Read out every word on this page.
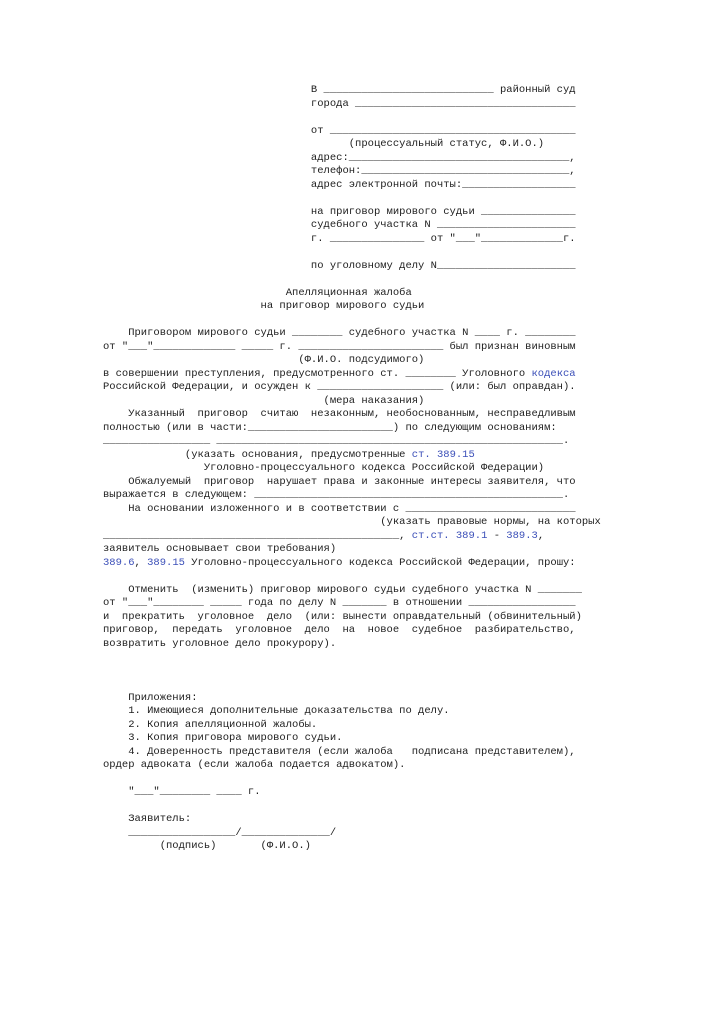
В ___________________________ районный суд
города ___________________________________
от _______________________________________
(процессуальный статус, Ф.И.О.)
адрес:___________________________________,
телефон:_________________________________,
адрес электронной почты:__________________
на приговор мирового судьи _______________
судебного участка N ______________________
г. _______________ от "___"_____________г.
по уголовному делу N______________________
Апелляционная жалоба
на приговор мирового судьи
Приговором мирового судьи ________ судебного участка N ____ г. ________
от "___"_____________ _____ г. _______________________ был признан виновным
(Ф.И.О. подсудимого)
в совершении преступления, предусмотренного ст. ________ Уголовного кодекса
Российской Федерации, и осужден к ____________________ (или: был оправдан).
(мера наказания)
Указанный  приговор  считаю  незаконным, необоснованным, несправедливым
полностью (или в части:_______________________) по следующим основаниям:
_________________ _______________________________________________________.
(указать основания, предусмотренные ст. 389.15
Уголовно-процессуального кодекса Российской Федерации)
Обжалуемый  приговор  нарушает права и законные интересы заявителя, что
выражается в следующем: _________________________________________________.
На основании изложенного и в соответствии с ___________________________
(указать правовые нормы, на которых
_______________________________________________, ст.ст. 389.1 - 389.3,
заявитель основывает свои требования)
389.6, 389.15 Уголовно-процессуального кодекса Российской Федерации, прошу:
Отменить  (изменить) приговор мирового судьи судебного участка N _______
от "___"________ _____ года по делу N _______ в отношении _________________
и  прекратить  уголовное  дело  (или: вынести оправдательный (обвинительный)
приговор,  передать  уголовное  дело  на  новое  судебное  разбирательство,
возвратить уголовное дело прокурору).
Приложения:
1. Имеющиеся дополнительные доказательства по делу.
2. Копия апелляционной жалобы.
3. Копия приговора мирового судьи.
4. Доверенность представителя (если жалоба   подписана представителем),
ордер адвоката (если жалоба подается адвокатом).
"___"________ ____ г.
Заявитель:
_________________/______________/
(подпись)       (Ф.И.О.)
